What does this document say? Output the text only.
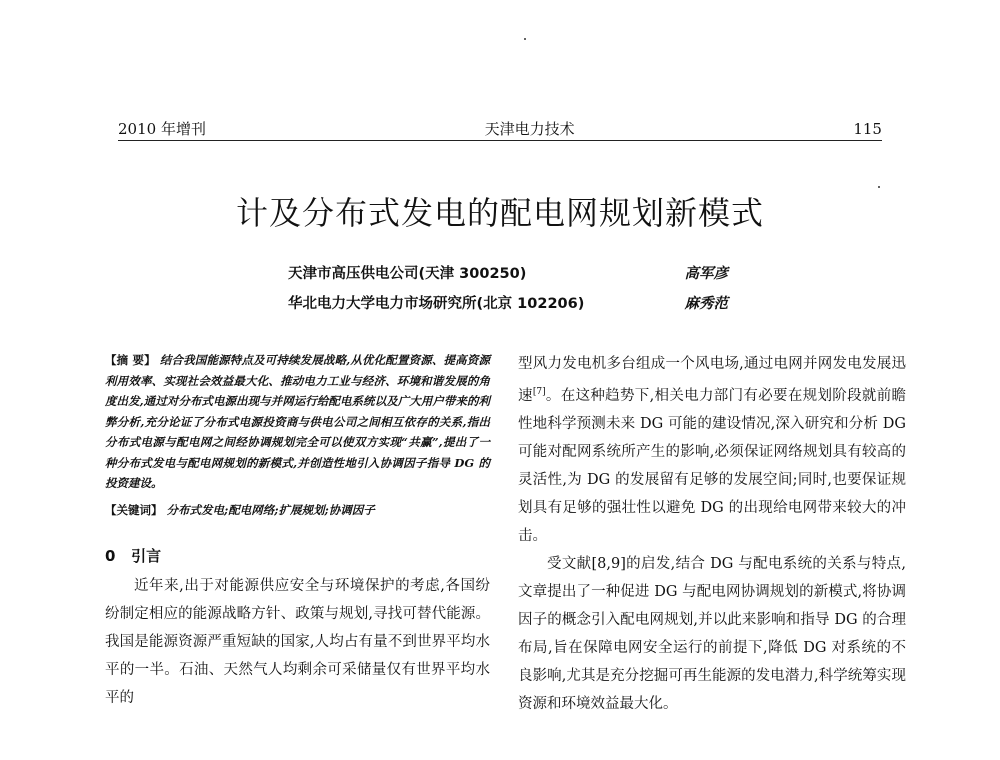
2010 年增刊	天津电力技术	115
计及分布式发电的配电网规划新模式
天津市高压供电公司(天津 300250)	高军彦
华北电力大学电力市场研究所(北京 102206)	麻秀范
【摘 要】 结合我国能源特点及可持续发展战略,从优化配置资源、提高资源利用效率、实现社会效益最大化、推动电力工业与经济、环境和谐发展的角度出发,通过对分布式电源出现与并网运行给配电系统以及广大用户带来的利弊分析,充分论证了分布式电源投资商与供电公司之间相互依存的关系,指出分布式电源与配电网之间经协调规划完全可以使双方实现“共赢”,提出了一种分布式发电与配电网规划的新模式,并创造性地引入协调因子指导 DG 的投资建设。
【关键词】 分布式发电;配电网络;扩展规划;协调因子
0 引言

近年来,出于对能源供应安全与环境保护的考虑,各国纷纷制定相应的能源战略方针、政策与规划,寻找可替代能源。我国是能源资源严重短缺的国家,人均占有量不到世界平均水平的一半。石油、天然气人均剩余可采储量仅有世界平均水平的

型风力发电机多台组成一个风电场,通过电网并网发电发展迅速[7]。在这种趋势下,相关电力部门有必要在规划阶段就前瞻性地科学预测未来 DG 可能的建设情况,深入研究和分析 DG 可能对配网系统所产生的影响,必须保证网络规划具有较高的灵活性,为 DG 的发展留有足够的发展空间;同时,也要保证规划具有足够的强壮性以避免 DG 的出现给电网带来较大的冲击。

受文献[8,9]的启发,结合 DG 与配电系统的关系与特点,文章提出了一种促进 DG 与配电网协调规划的新模式,将协调因子的概念引入配电网规划,并以此来影响和指导 DG 的合理布局,旨在保障电网安全运行的前提下,降低 DG 对系统的不良影响,尤其是充分挖掘可再生能源的发电潜力,科学统筹实现资源和环境效益最大化。
